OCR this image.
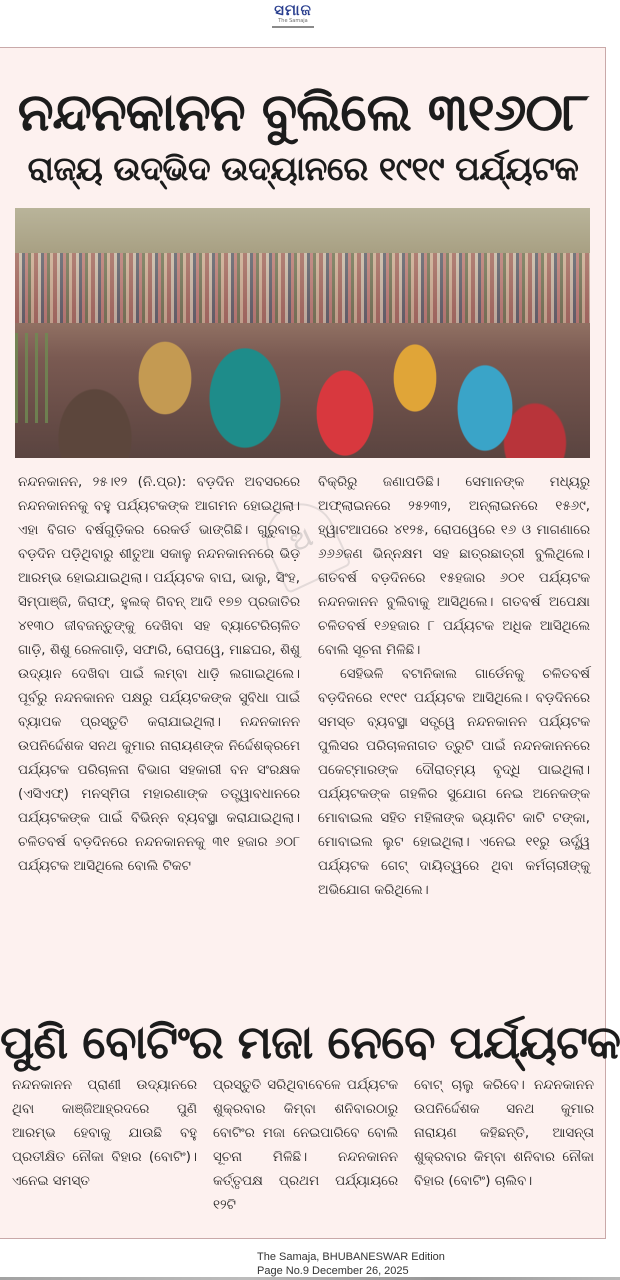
ସମାଜ
The Samaja
ନନ୍ଦନକାନନ ବୁଲିଲେ ୩୧୬୦୮
ରାଜ୍ୟ ଉଦ୍ଭିଦ ଉଦ୍ୟାନରେ ୧୯୧୯ ପର୍ଯ୍ୟଟକ
ଅ

ନନ୍ଦନକାନନ, ୨୫।୧୨ (ନି.ପ୍ର): ବଡ଼ଦିନ ଅବସରରେ ନନ୍ଦନକାନନକୁ ବହୁ ପର୍ଯ୍ୟଟକଙ୍କ ଆଗମନ ହୋଇଥିଲା। ଏହା ବିଗତ ବର୍ଷଗୁଡ଼ିକର ରେକର୍ଡ ଭାଙ୍ଗିଛି। ଗୁରୁବାର ବଡ଼ଦିନ ପଡ଼ିଥିବାରୁ ଶୀତୁଆ ସକାଳୁ ନନ୍ଦନକାନନରେ ଭିଡ଼ ଆରମ୍ଭ ହୋଇଯାଇଥିଲା। ପର୍ଯ୍ୟଟକ ବାଘ, ଭାଲୁ, ସିଂହ, ସିମ୍ପାଞ୍ଜି, ଜିରାଫ୍, ହୁଲକ୍ ଗିବନ୍ ଆଦି ୧୭୭ ପ୍ରଜାତିର ୪୧୩୦ ଜୀବଜନ୍ତୁଙ୍କୁ ଦେଖିବା ସହ ବ୍ୟାଟେରିଚାଳିତ ଗାଡ଼ି, ଶିଶୁ ରେଳଗାଡ଼ି, ସଫାରି, ରୋପୱେ, ମାଛଘର, ଶିଶୁ ଉଦ୍ୟାନ ଦେଖିବା ପାଇଁ ଲମ୍ବା ଧାଡ଼ି ଲଗାଇଥିଲେ। ପୂର୍ବରୁ ନନ୍ଦନକାନନ ପକ୍ଷରୁ ପର୍ଯ୍ୟଟକଙ୍କ ସୁବିଧା ପାଇଁ ବ୍ୟାପକ ପ୍ରସ୍ତୁତି କରାଯାଇଥିଲା। ନନ୍ଦନକାନନ ଉପନିର୍ଦ୍ଦେଶକ ସନଥ କୁମାର ନାରାୟଣଙ୍କ ନିର୍ଦ୍ଦେଶକ୍ରମେ ପର୍ଯ୍ୟଟକ ପରିଚାଳନା ବିଭାଗ ସହକାରୀ ବନ ସଂରକ୍ଷକ (ଏସିଏଫ୍) ମନସ୍ମିତା ମହାରଣାଙ୍କ ତତ୍ତ୍ୱାବଧାନରେ ପର୍ଯ୍ୟଟକଙ୍କ ପାଇଁ ବିଭିନ୍ନ ବ୍ୟବସ୍ଥା କରାଯାଇଥିଲା। ଚଳିତବର୍ଷ ବଡ଼ଦିନରେ ନନ୍ଦନକାନନକୁ ୩୧ ହଜାର ୬୦୮ ପର୍ଯ୍ୟଟକ ଆସିଥିଲେ ବୋଲି ଟିକଟ

ବିକ୍ରିରୁ ଜଣାପଡିଛି। ସେମାନଙ୍କ ମଧ୍ୟରୁ ଅଫ୍‌ଲାଇନରେ ୨୫୨୩୨, ଅନ୍‌ଲାଇନରେ ୧୫୬୯, ହ୍ୱାଟଆପରେ ୪୧୨୫, ରୋପୱେରେ ୧୬ ଓ ମାଗଣାରେ ୬୬୬ଜଣ ଭିନ୍ନକ୍ଷମ ସହ ଛାତ୍ରଛାତ୍ରୀ ବୁଲିଥିଲେ। ଗତବର୍ଷ ବଡ଼ଦିନରେ ୧୫ହଜାର ୬୦୧ ପର୍ଯ୍ୟଟକ ନନ୍ଦନକାନନ ବୁଲିବାକୁ ଆସିଥିଲେ। ଗତବର୍ଷ ଅପେକ୍ଷା ଚଳିତବର୍ଷ ୧୬ହଜାର ୮ ପର୍ଯ୍ୟଟକ ଅଧିକ ଆସିଥିଲେ ବୋଲି ସୂଚନା ମିଳିଛି।

ସେହିଭଳି ବଟାନିକାଲ ଗାର୍ଡେନକୁ ଚଳିତବର୍ଷ ବଡ଼ଦିନରେ ୧୯୧୯ ପର୍ଯ୍ୟଟକ ଆସିଥିଲେ। ବଡ଼ଦିନରେ ସମସ୍ତ ବ୍ୟବସ୍ଥା ସତ୍ତ୍ୱେ ନନ୍ଦନକାନନ ପର୍ଯ୍ୟଟକ ପୁଲିସର ପରିଚାଳନାଗତ ତ୍ରୁଟି ପାଇଁ ନନ୍ଦନକାନନରେ ପକେଟ୍‌ମାରଙ୍କ ଦୌରାତ୍ମ୍ୟ ବୃଦ୍ଧି ପାଇଥିଲା। ପର୍ଯ୍ୟଟକଙ୍କ ଗହଳିର ସୁଯୋଗ ନେଇ ଅନେକଙ୍କ ମୋବାଇଲ ସହିତ ମହିଳାଙ୍କ ଭ୍ୟାନିଟ କାଟି ଟଙ୍କା, ମୋବାଇଲ ଲୁଟ ହୋଇଥିଲା। ଏନେଇ ୧୧ରୁ ଊର୍ଦ୍ଧ୍ୱ ପର୍ଯ୍ୟଟକ ଗେଟ୍ ଦାୟିତ୍ୱରେ ଥିବା କର୍ମଚାରୀଙ୍କୁ ଅଭିଯୋଗ କରିଥିଲେ।

ପୁଣି ବୋଟିଂର ମଜା ନେବେ ପର୍ଯ୍ୟଟକ

ନନ୍ଦନକାନନ ପ୍ରାଣୀ ଉଦ୍ୟାନରେ ଥିବା କାଞ୍ଜିଆହ୍ରଦରେ ପୁଣି ଆରମ୍ଭ ହେବାକୁ ଯାଉଛି ବହୁ ପ୍ରତୀକ୍ଷିତ ନୌକା ବିହାର (ବୋଟିଂ)। ଏନେଇ ସମସ୍ତ

ପ୍ରସ୍ତୁତି ସରିଥିବାବେଳେ ପର୍ଯ୍ୟଟକ ଶୁକ୍ରବାର କିମ୍ବା ଶନିବାରଠାରୁ ବୋଟିଂର ମଜା ନେଇପାରିବେ ବୋଲି ସୂଚନା ମିଳିଛି। ନନ୍ଦନକାନନ କର୍ତ୍ତୃପକ୍ଷ ପ୍ରଥମ ପର୍ଯ୍ୟାୟରେ ୧୨ଟି

ବୋଟ୍ ଚାଲୁ କରିବେ। ନନ୍ଦନକାନନ ଉପନିର୍ଦ୍ଦେଶକ ସନଥ କୁମାର ନାରାୟଣ କହିଛନ୍ତି, ଆସନ୍ତା ଶୁକ୍ରବାର କିମ୍ବା ଶନିବାର ନୌକା ବିହାର (ବୋଟିଂ) ଚାଲିବ।

The Samaja, BHUBANESWAR Edition
Page No.9 December 26, 2025
